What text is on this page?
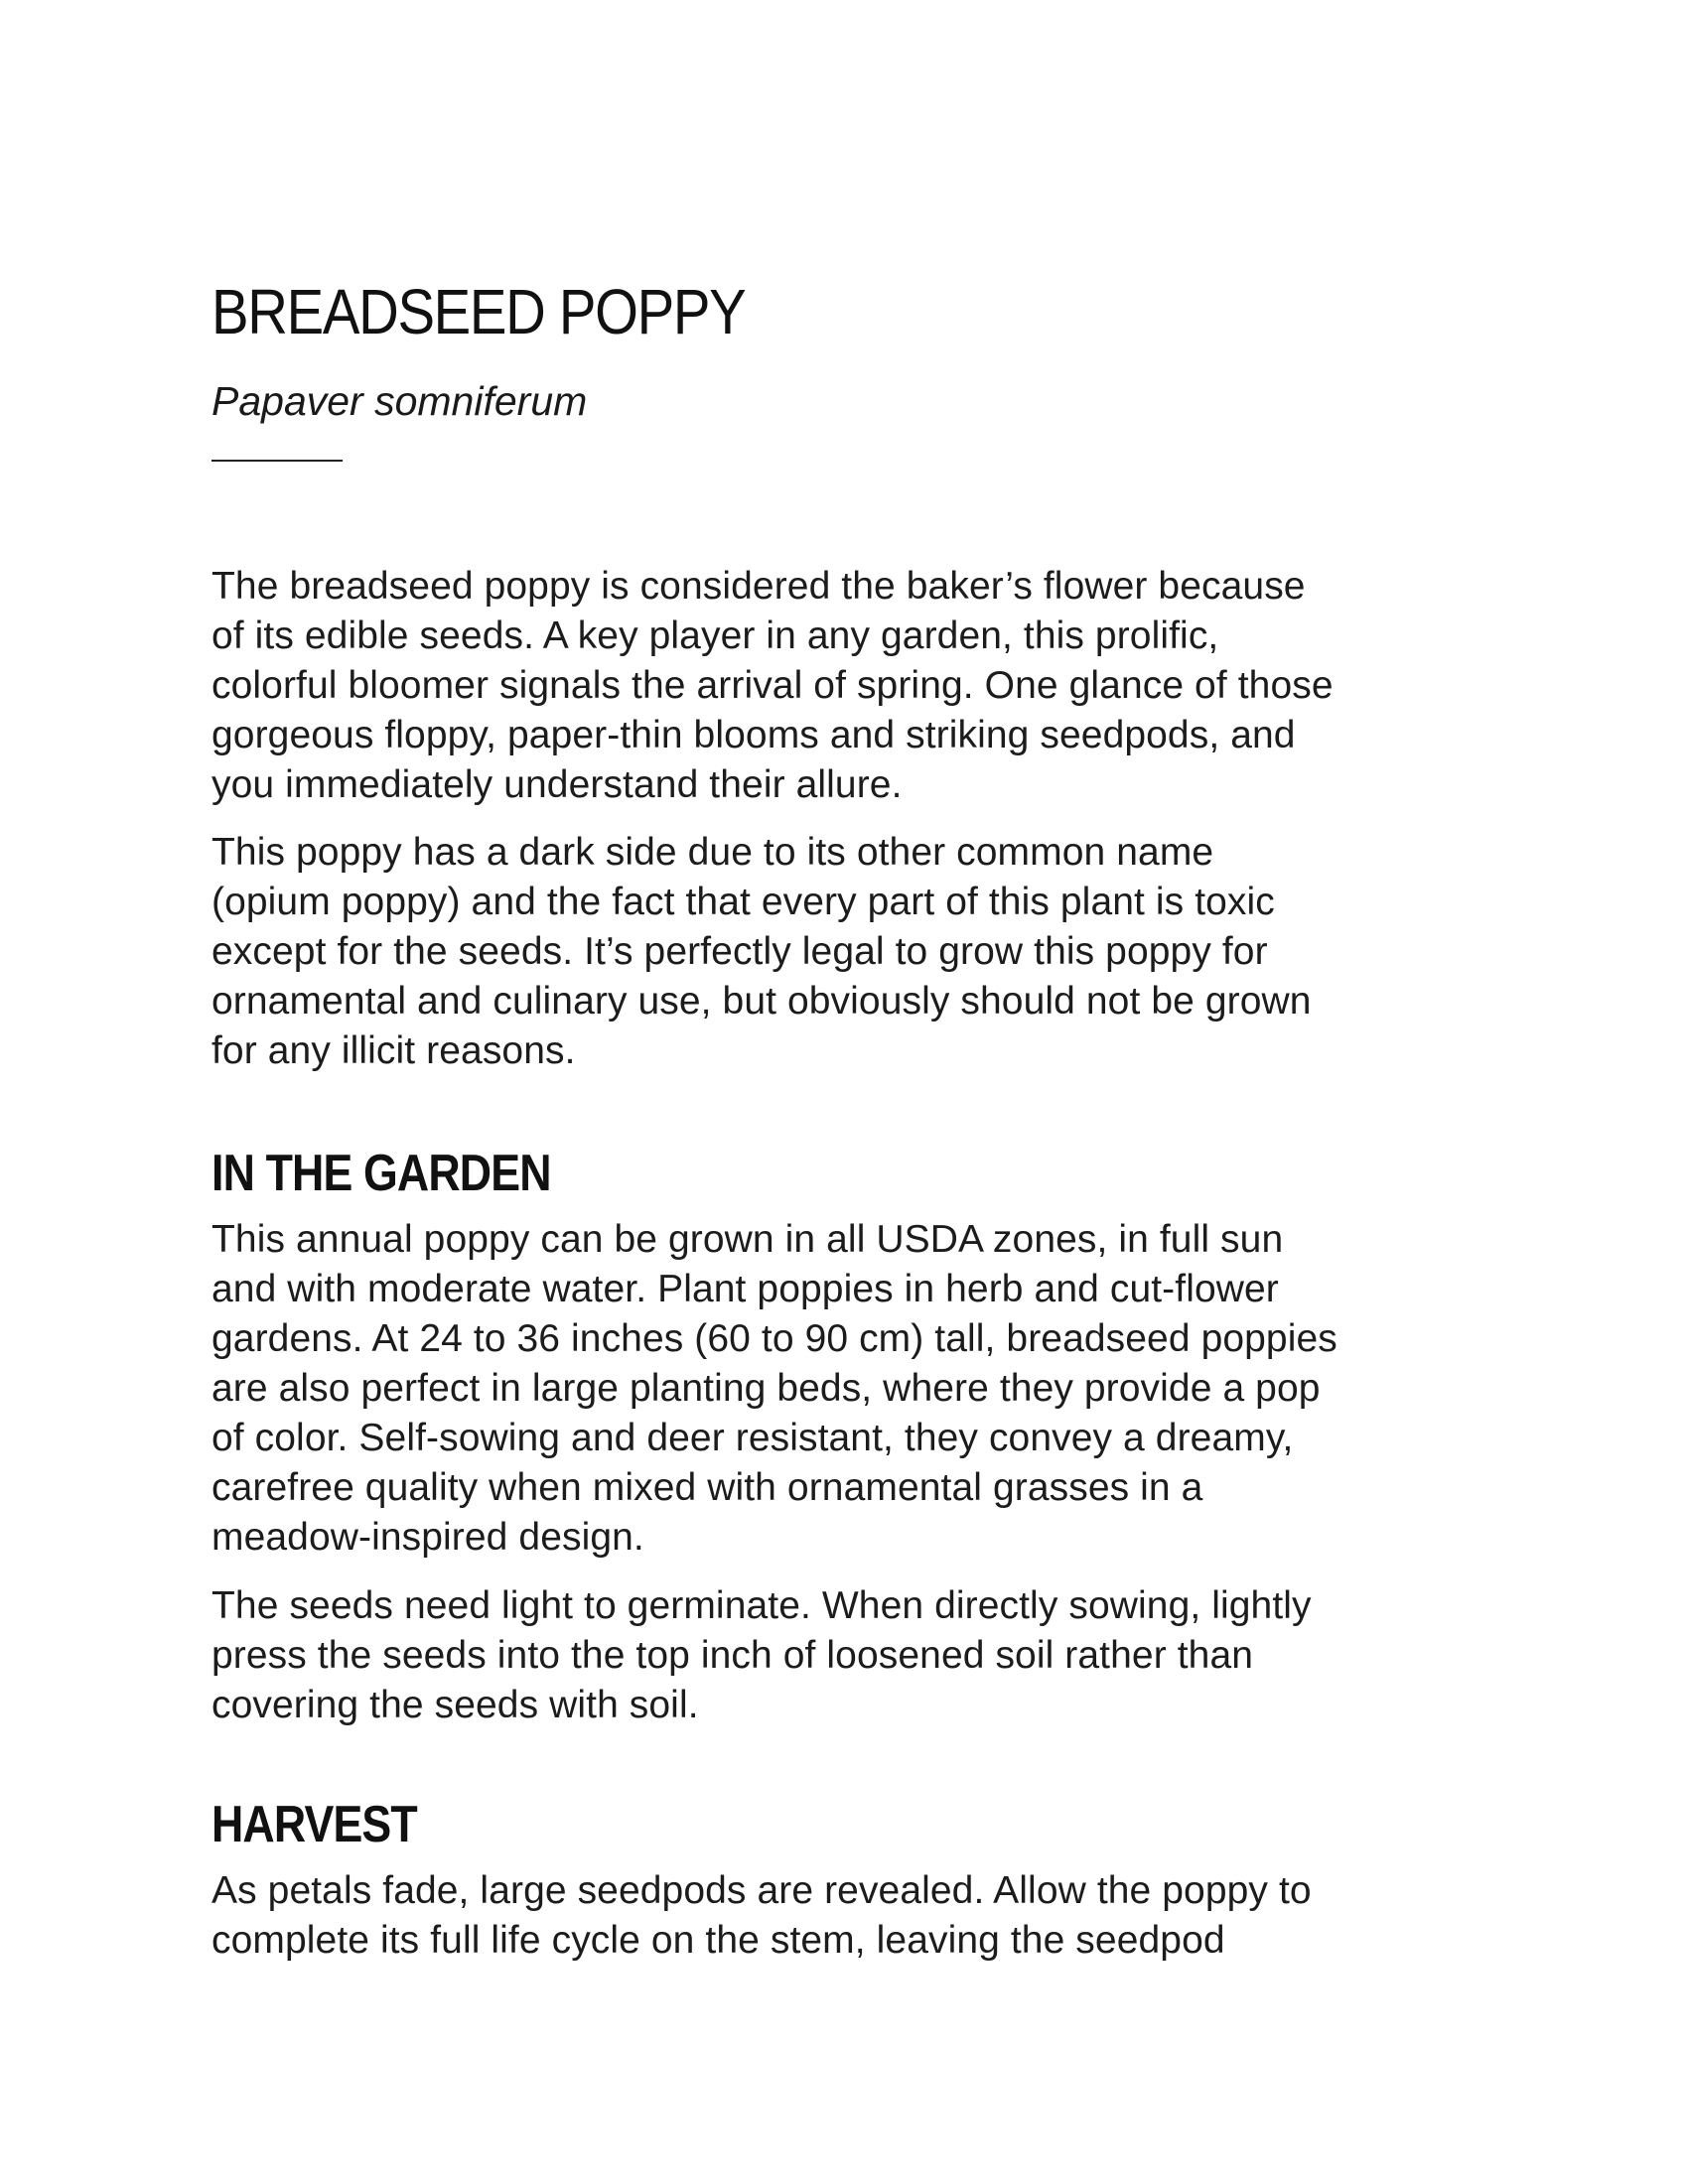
BREADSEED POPPY

Papaver somniferum

The breadseed poppy is considered the baker’s flower because
of its edible seeds. A key player in any garden, this prolific,
colorful bloomer signals the arrival of spring. One glance of those
gorgeous floppy, paper-thin blooms and striking seedpods, and
you immediately understand their allure.

This poppy has a dark side due to its other common name
(opium poppy) and the fact that every part of this plant is toxic
except for the seeds. It’s perfectly legal to grow this poppy for
ornamental and culinary use, but obviously should not be grown
for any illicit reasons.

IN THE GARDEN

This annual poppy can be grown in all USDA zones, in full sun
and with moderate water. Plant poppies in herb and cut-flower
gardens. At 24 to 36 inches (60 to 90 cm) tall, breadseed poppies
are also perfect in large planting beds, where they provide a pop
of color. Self-sowing and deer resistant, they convey a dreamy,
carefree quality when mixed with ornamental grasses in a
meadow-inspired design.

The seeds need light to germinate. When directly sowing, lightly
press the seeds into the top inch of loosened soil rather than
covering the seeds with soil.

HARVEST

As petals fade, large seedpods are revealed. Allow the poppy to
complete its full life cycle on the stem, leaving the seedpod
